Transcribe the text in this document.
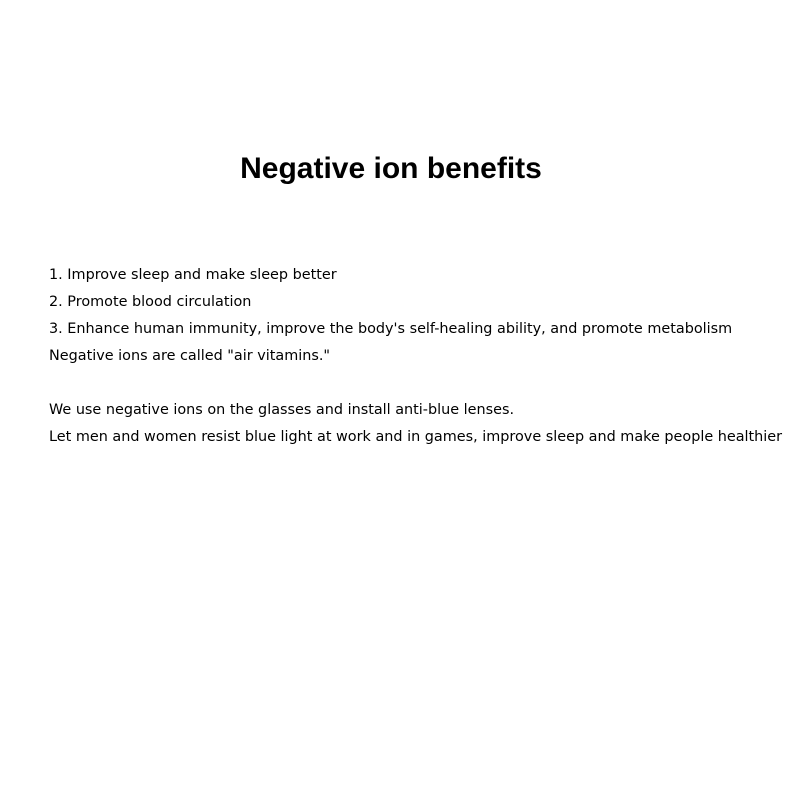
Negative ion benefits

1. Improve sleep and make sleep better

2. Promote blood circulation

3. Enhance human immunity, improve the body's self-healing ability, and promote metabolism

Negative ions are called "air vitamins."

We use negative ions on the glasses and install anti-blue lenses.

Let men and women resist blue light at work and in games, improve sleep and make people healthier
